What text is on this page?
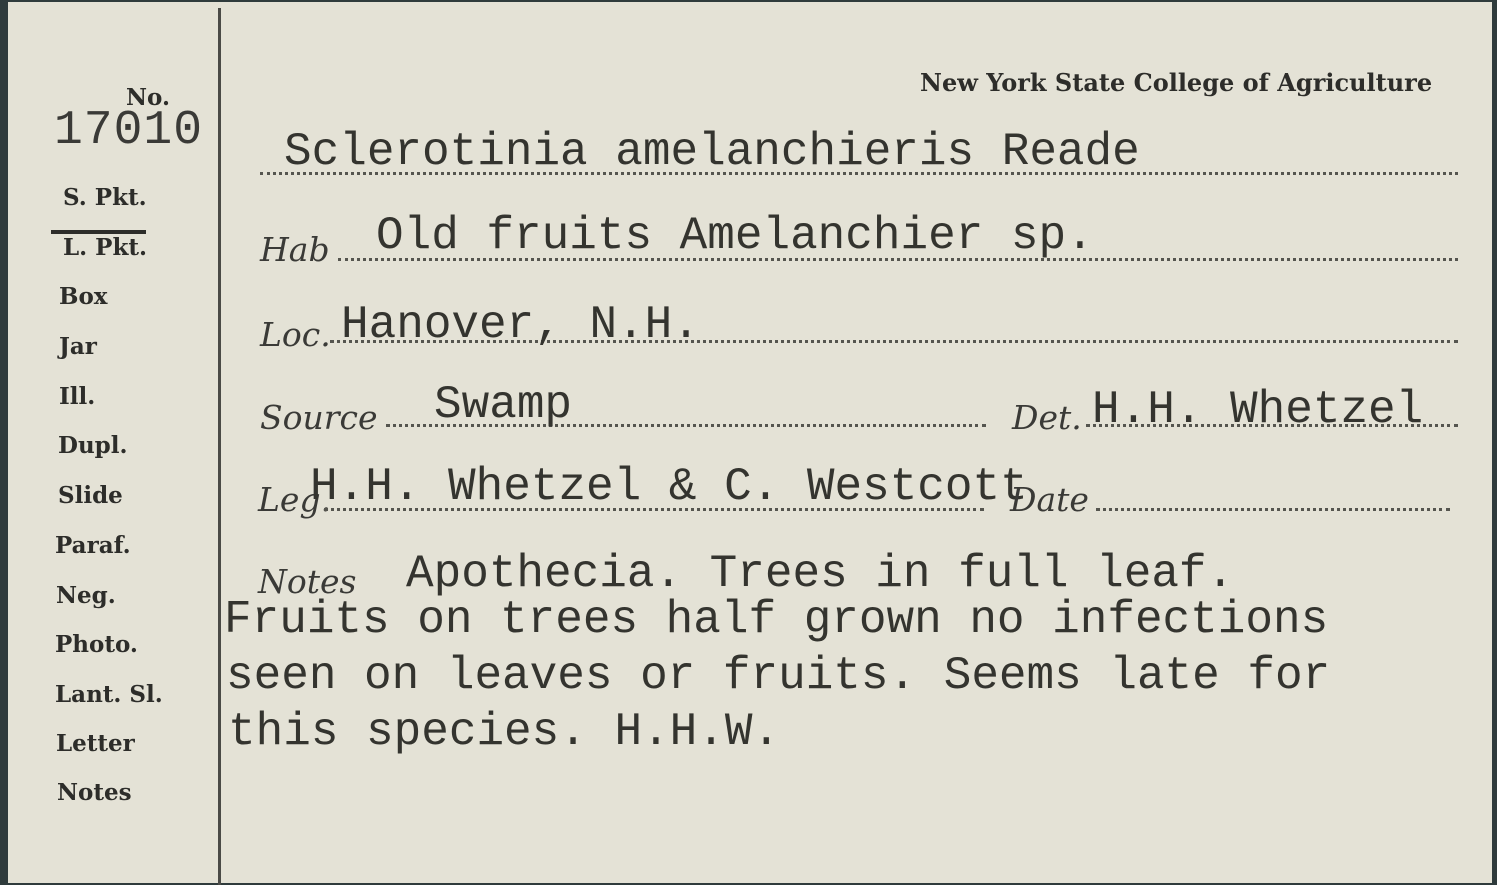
No.
17010
S. Pkt.
L. Pkt.
Box
Jar
Ill.
Dupl.
Slide
Paraf.
Neg.
Photo.
Lant. Sl.
Letter
Notes
New York State College of Agriculture
Sclerotinia amelanchieris Reade
Hab Old fruits Amelanchier sp.
Loc. Hanover, N.H.
Source Swamp	Det. H.H. Whetzel
Leg.
H.H. Whetzel & C. Westcott
Date
Notes Apothecia. Trees in full leaf.
Fruits on trees half grown no infections
seen on leaves or fruits. Seems late for
this species. H.H.W.
